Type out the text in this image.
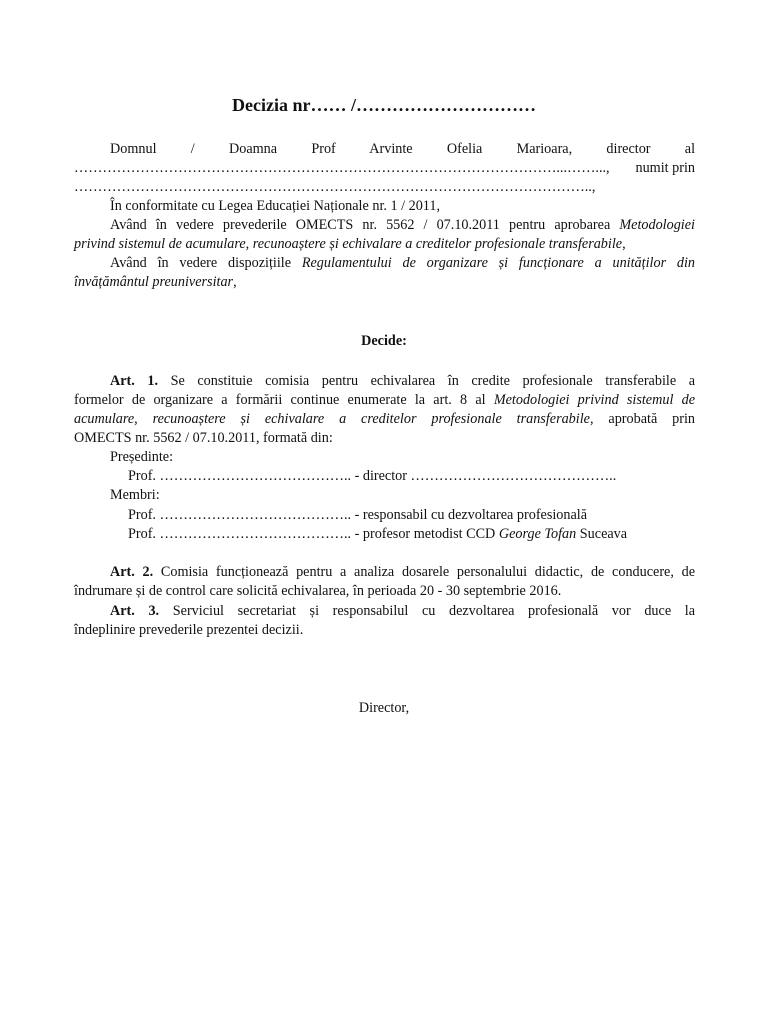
Decizia nr…… /…………………………
Domnul / Doamna Prof Arvinte Ofelia Marioara, director al
…………………………………………………………………………………………...……..., numit prin
………………………………………………………………………………………………..,
În conformitate cu Legea Educației Naționale nr. 1 / 2011,
Având în vedere prevederile OMECTS nr. 5562 / 07.10.2011 pentru aprobarea Metodologiei
privind sistemul de acumulare, recunoaștere și echivalare a creditelor profesionale transferabile,
Având în vedere dispozițiile Regulamentului de organizare și funcționare a unităților din
învățământul preuniversitar,
Decide:
Art. 1. Se constituie comisia pentru echivalarea în credite profesionale transferabile a
formelor de organizare a formării continue enumerate la art. 8 al Metodologiei privind sistemul de
acumulare, recunoaștere și echivalare a creditelor profesionale transferabile, aprobată prin
OMECTS nr. 5562 / 07.10.2011, formată din:
Președinte:
Prof. ………………………………….. - director ……………………………………..
Membri:
Prof. ………………………………….. - responsabil cu dezvoltarea profesională
Prof. ………………………………….. - profesor metodist CCD George Tofan Suceava
Art. 2. Comisia funcționează pentru a analiza dosarele personalului didactic, de conducere, de
îndrumare și de control care solicită echivalarea, în perioada 20 - 30 septembrie 2016.
Art. 3. Serviciul secretariat și responsabilul cu dezvoltarea profesională vor duce la
îndeplinire prevederile prezentei decizii.
Director,
